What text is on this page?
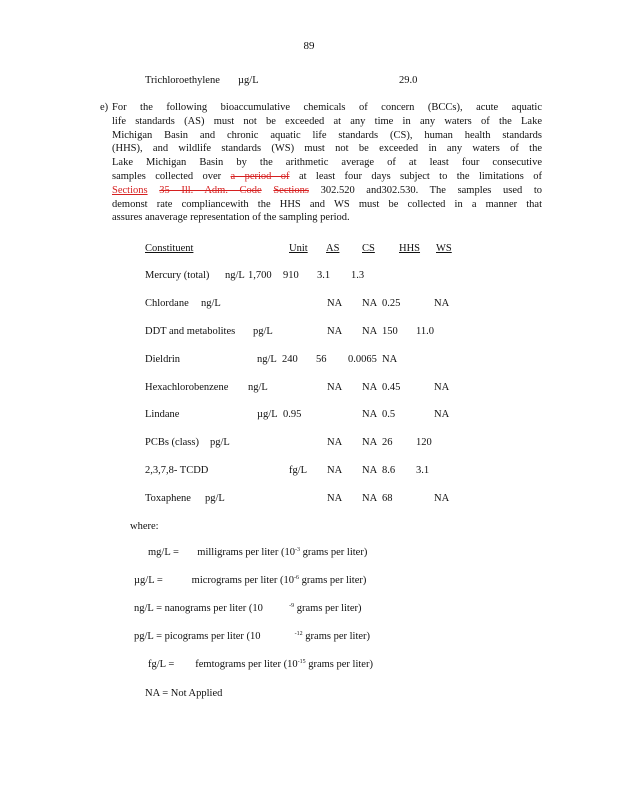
89
Trichloroethylene µg/L	29.0
e) For the following bioaccumulative chemicals of concern (BCCs), acute aquatic
life standards (AS) must not be exceeded at any time in any waters of the Lake
Michigan Basin and chronic aquatic life standards (CS), human health standards
(HHS), and wildlife standards (WS) must not be exceeded in any waters of the
Lake Michigan Basin by the arithmetic average of at least four consecutive
samples collected over a period of at least four days subject to the limitations of
Sections 35 Ill. Adm. Code Sections 302.520 and302.530. The samples used to
demonst rate compliancewith the HHS and WS must be collected in a manner that
assures anaverage representation of the sampling period.
Constituent	Unit AS CS HHS WS
Mercury (total) ng/L 1,700 910 3.1 1.3
Chlordane ng/L	NA NA 0.25	NA
DDT and metabolites pg/L	NA NA 150 11.0
Dieldrin	ng/L 240 56 0.0065 NA
Hexachlorobenzene ng/L	NA NA 0.45	NA
Lindane	µg/L 0.95	NA 0.5	NA
PCBs (class) pg/L	NA NA 26 120
2,3,7,8- TCDD	fg/L NA NA 8.6 3.1
Toxaphene pg/L	NA NA 68	NA
where:
mg/L = milligrams per liter ($10^{-3}$ grams per liter)
µg/L =	micrograms per liter ($10^{-6}$ grams per liter)
ng/L = nanograms per liter (10	$^{-9}$ grams per liter)
pg/L = picograms per liter (10	$^{-12}$ grams per liter)
fg/L = femtograms per liter ($10^{-15}$ grams per liter)
NA = Not Applied
